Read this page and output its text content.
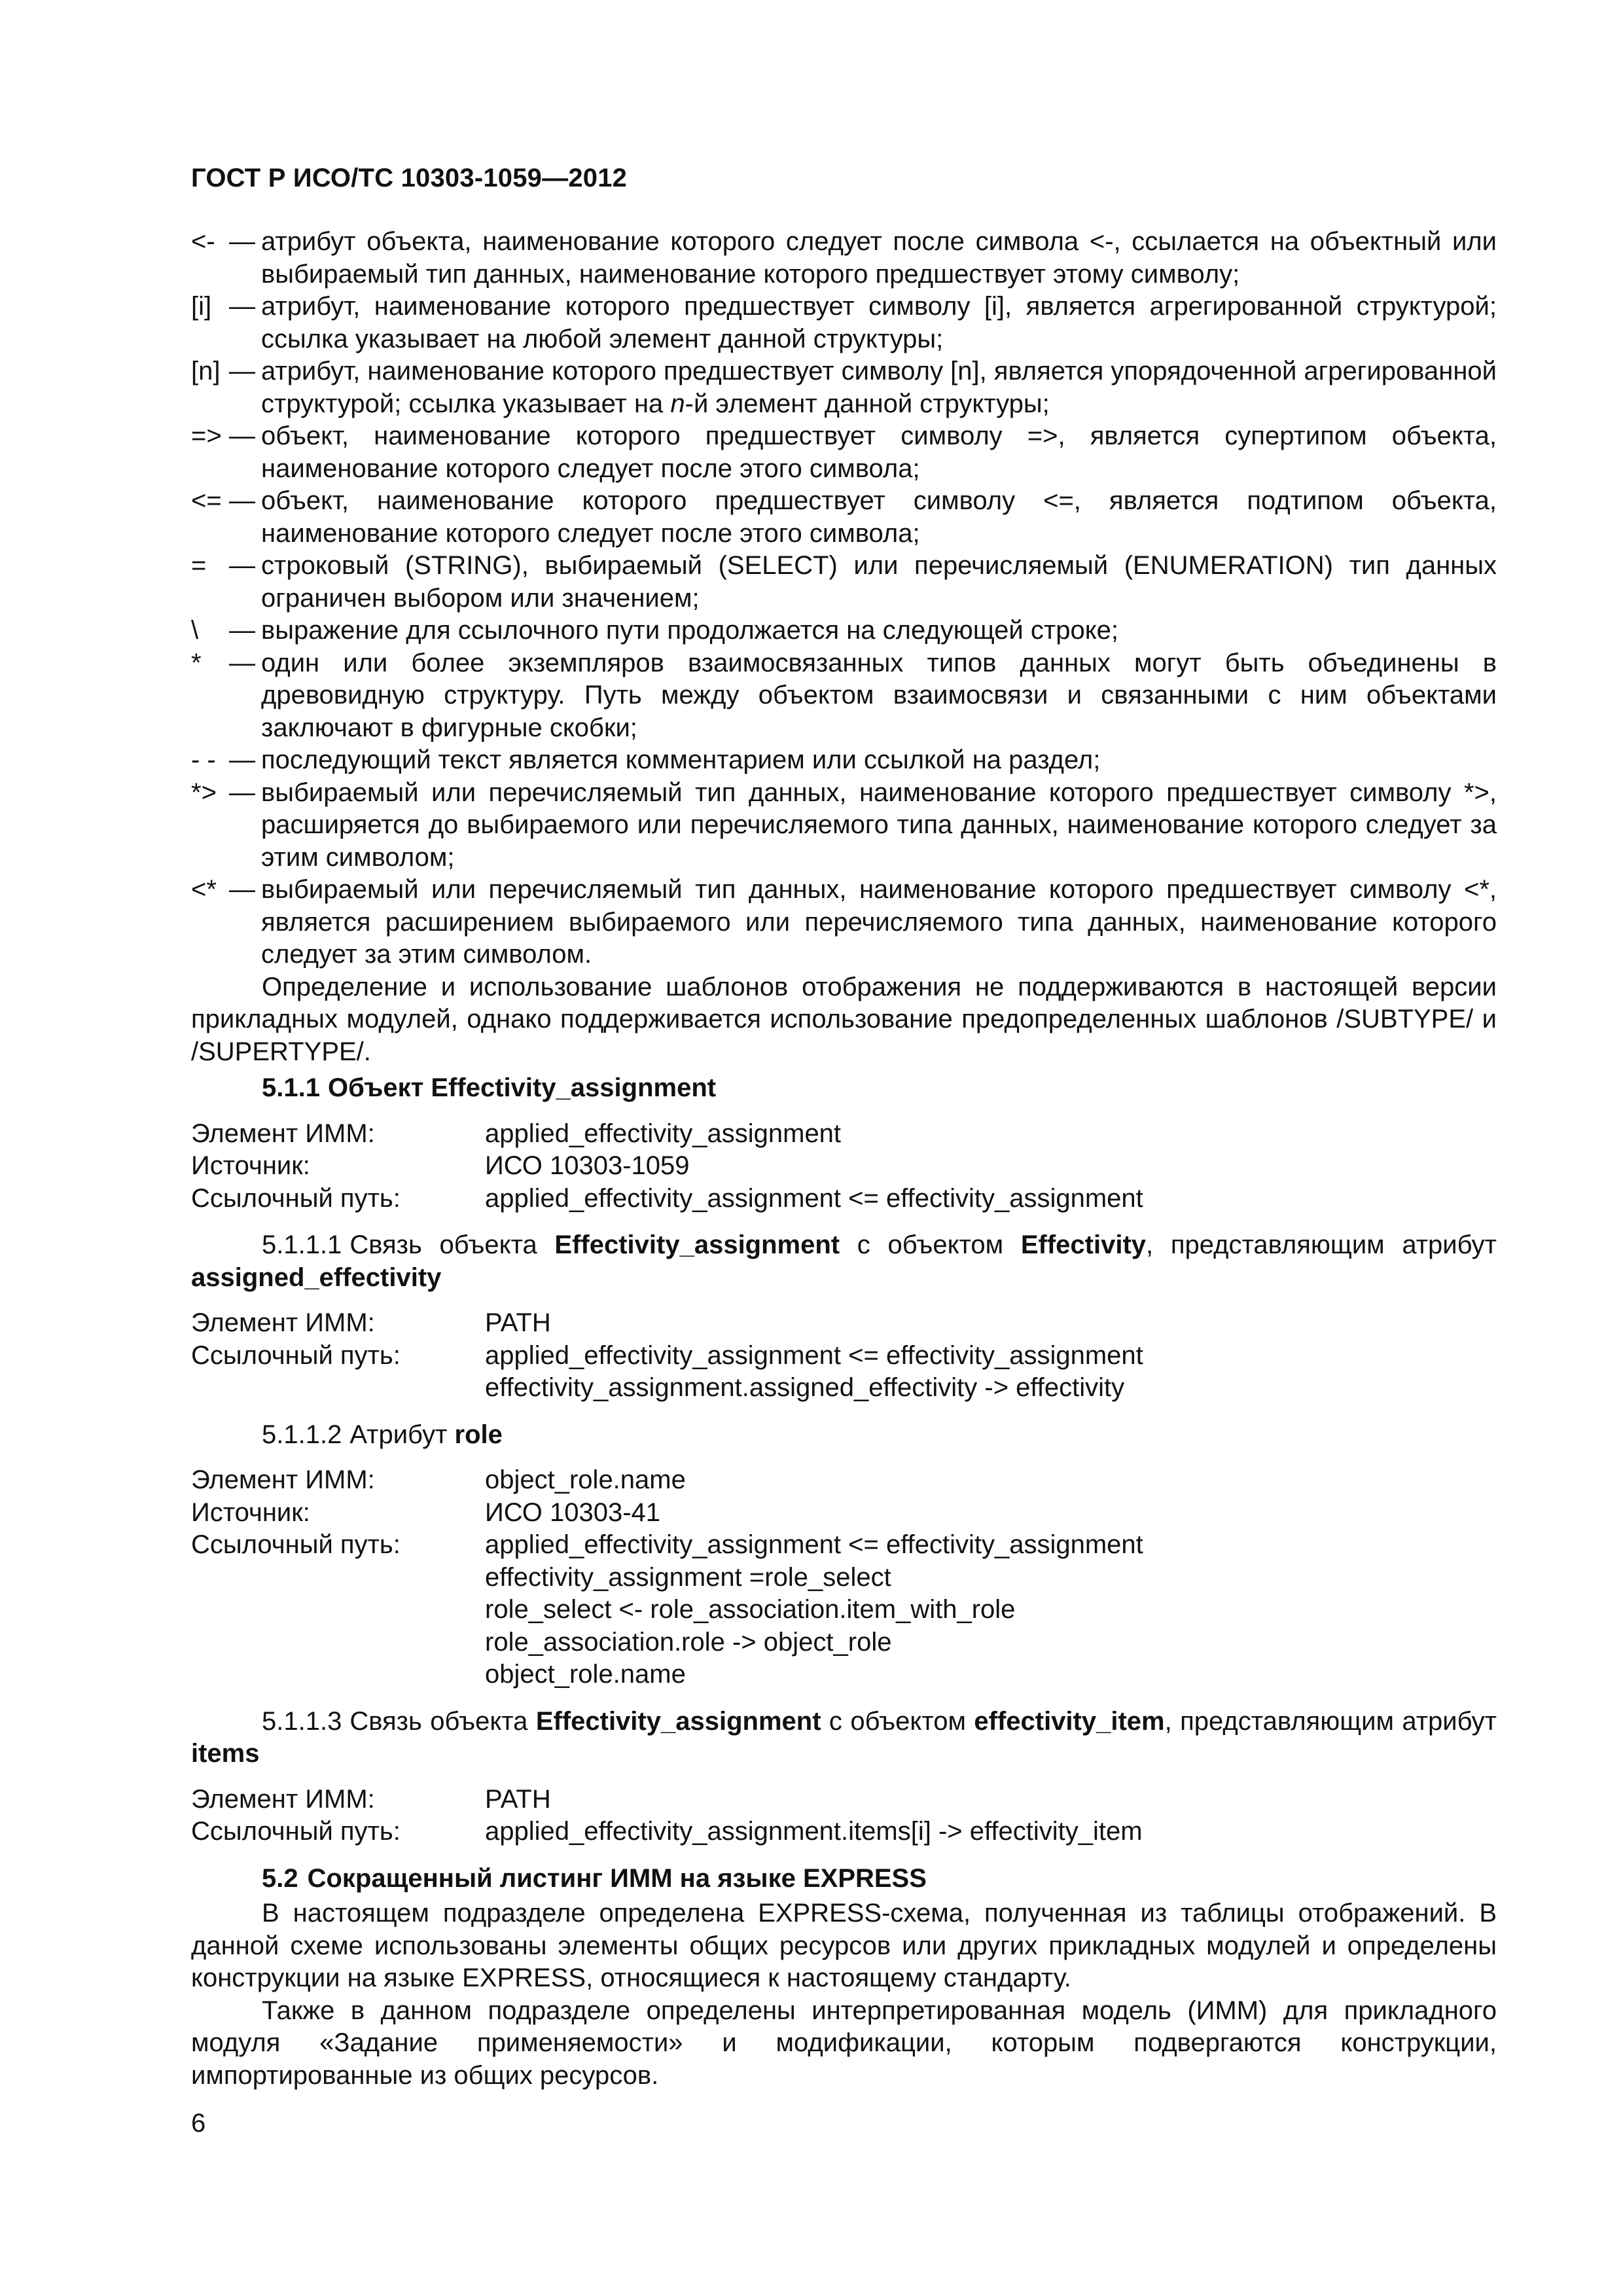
ГОСТ Р ИСО/ТС 10303-1059—2012
<- — атрибут объекта, наименование которого следует после символа <-, ссылается на объектный или выбираемый тип данных, наименование которого предшествует этому символу;
[i] — атрибут, наименование которого предшествует символу [i], является агрегированной структурой; ссылка указывает на любой элемент данной структуры;
[n] — атрибут, наименование которого предшествует символу [n], является упорядоченной агрегированной структурой; ссылка указывает на n-й элемент данной структуры;
=> — объект, наименование которого предшествует символу =>, является супертипом объекта, наименование которого следует после этого символа;
<= — объект, наименование которого предшествует символу <=, является подтипом объекта, наименование которого следует после этого символа;
= — строковый (STRING), выбираемый (SELECT) или перечисляемый (ENUMERATION) тип данных ограничен выбором или значением;
\ — выражение для ссылочного пути продолжается на следующей строке;
* — один или более экземпляров взаимосвязанных типов данных могут быть объединены в древовидную структуру. Путь между объектом взаимосвязи и связанными с ним объектами заключают в фигурные скобки;
- - — последующий текст является комментарием или ссылкой на раздел;
*> — выбираемый или перечисляемый тип данных, наименование которого предшествует символу *>, расширяется до выбираемого или перечисляемого типа данных, наименование которого следует за этим символом;
<* — выбираемый или перечисляемый тип данных, наименование которого предшествует символу <*, является расширением выбираемого или перечисляемого типа данных, наименование которого следует за этим символом.

Определение и использование шаблонов отображения не поддерживаются в настоящей версии прикладных модулей, однако поддерживается использование предопределенных шаблонов /SUBTYPE/ и /SUPERTYPE/.

5.1.1 Объект Effectivity_assignment
Элемент ИММ:	applied_effectivity_assignment
Источник:	ИСО 10303-1059
Ссылочный путь:	applied_effectivity_assignment <= effectivity_assignment

5.1.1.1 Связь объекта Effectivity_assignment с объектом Effectivity, представляющим атрибут assigned_effectivity

Элемент ИММ:	PATH
Ссылочный путь:	applied_effectivity_assignment <= effectivity_assignment
effectivity_assignment.assigned_effectivity -> effectivity

5.1.1.2 Атрибут role

Элемент ИММ:	object_role.name
Источник:	ИСО 10303-41
Ссылочный путь:	applied_effectivity_assignment <= effectivity_assignment
effectivity_assignment =role_select
role_select <- role_association.item_with_role
role_association.role -> object_role
object_role.name

5.1.1.3 Связь объекта Effectivity_assignment с объектом effectivity_item, представляющим атрибут items

Элемент ИММ:	PATH
Ссылочный путь:	applied_effectivity_assignment.items[i] -> effectivity_item
5.2 Сокращенный листинг ИММ на языке EXPRESS

В настоящем подразделе определена EXPRESS-схема, полученная из таблицы отображений. В данной схеме использованы элементы общих ресурсов или других прикладных модулей и определены конструкции на языке EXPRESS, относящиеся к настоящему стандарту.

Также в данном подразделе определены интерпретированная модель (ИММ) для прикладного модуля «Задание применяемости» и модификации, которым подвергаются конструкции, импортированные из общих ресурсов.

6
